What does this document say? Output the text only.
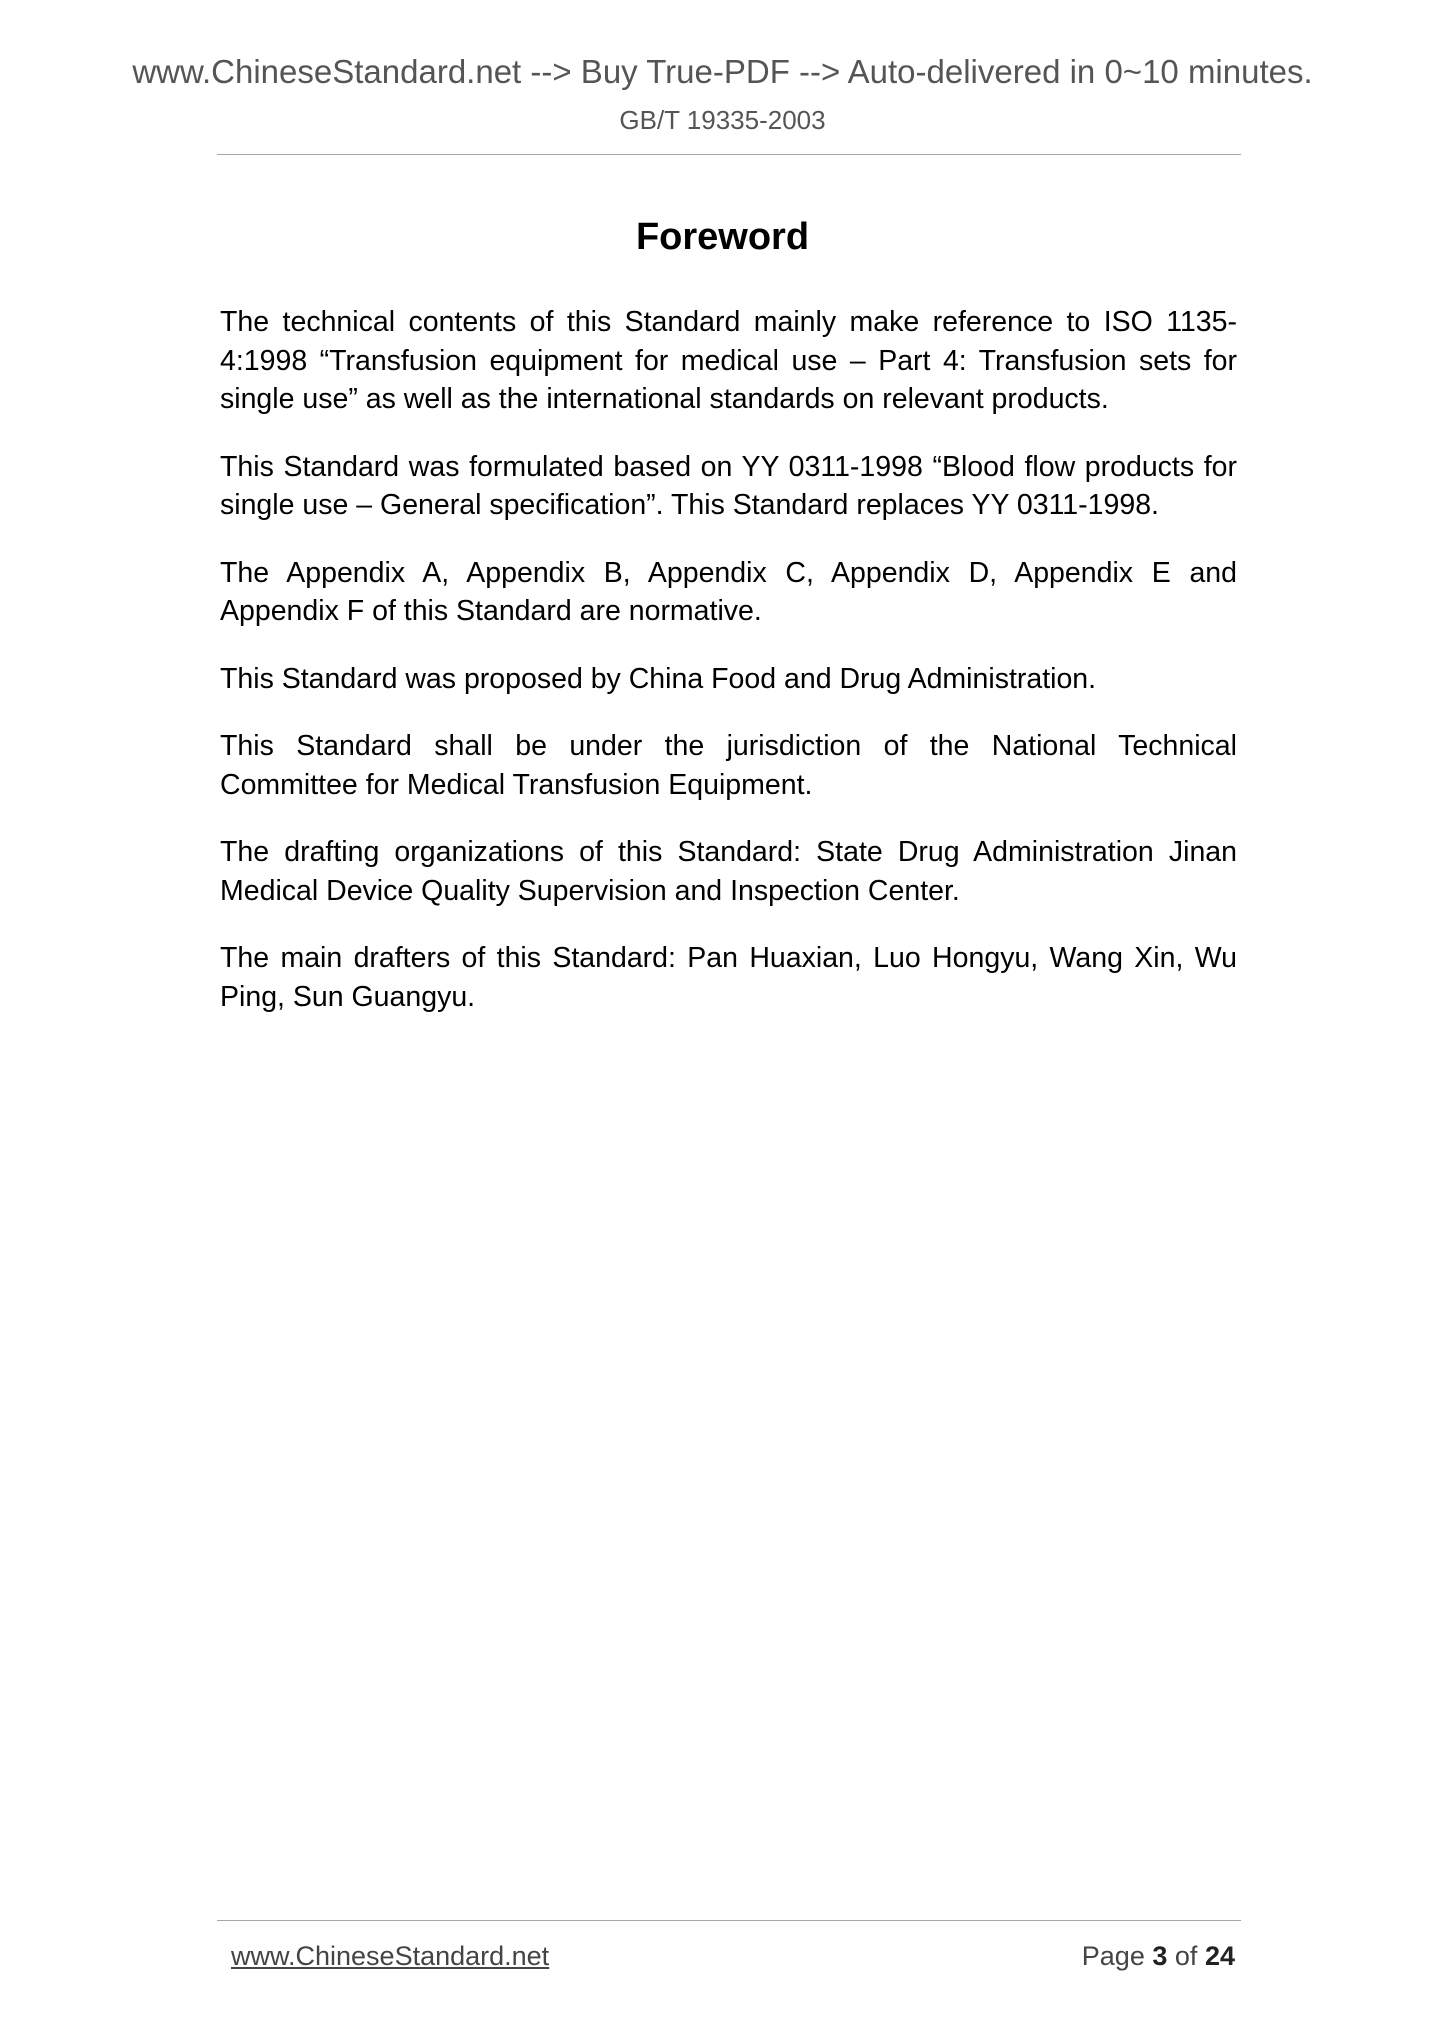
www.ChineseStandard.net --> Buy True-PDF --> Auto-delivered in 0~10 minutes.
GB/T 19335-2003
Foreword

The technical contents of this Standard mainly make reference to ISO 1135-4:1998 “Transfusion equipment for medical use – Part 4: Transfusion sets for single use” as well as the international standards on relevant products.

This Standard was formulated based on YY 0311-1998 “Blood flow products for single use – General specification”. This Standard replaces YY 0311-1998.

The Appendix A, Appendix B, Appendix C, Appendix D, Appendix E and Appendix F of this Standard are normative.

This Standard was proposed by China Food and Drug Administration.

This Standard shall be under the jurisdiction of the National Technical Committee for Medical Transfusion Equipment.

The drafting organizations of this Standard: State Drug Administration Jinan Medical Device Quality Supervision and Inspection Center.

The main drafters of this Standard: Pan Huaxian, Luo Hongyu, Wang Xin, Wu Ping, Sun Guangyu.

www.ChineseStandard.net	Page 3 of 24
